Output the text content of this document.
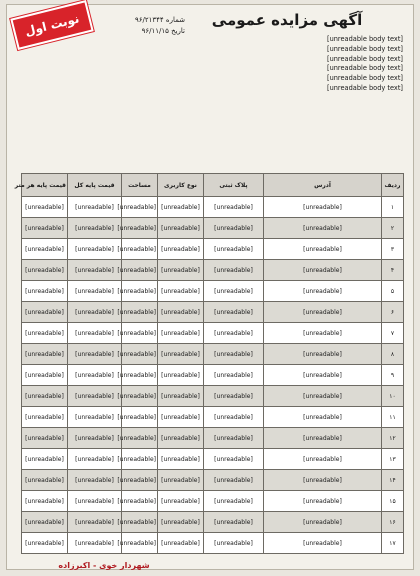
نوبت اول	شماره ۹۶/۲۱۳۴۴
تاریخ ۹۶/۱۱/۱۵
آگهی مزایده عمومی

[unreadable body text]

[unreadable body text]

[unreadable body text]

[unreadable body text]

[unreadable body text]

[unreadable body text]

ردیف	آدرس	پلاک ثبتی	نوع کاربری	مساحت	قیمت پایه کل	قیمت پایه هر متر
۱	[unreadable]	[unreadable]	[unreadable]	[unreadable]	[unreadable]	[unreadable]
۲	[unreadable]	[unreadable]	[unreadable]	[unreadable]	[unreadable]	[unreadable]
۳	[unreadable]	[unreadable]	[unreadable]	[unreadable]	[unreadable]	[unreadable]
۴	[unreadable]	[unreadable]	[unreadable]	[unreadable]	[unreadable]	[unreadable]
۵	[unreadable]	[unreadable]	[unreadable]	[unreadable]	[unreadable]	[unreadable]
۶	[unreadable]	[unreadable]	[unreadable]	[unreadable]	[unreadable]	[unreadable]
۷	[unreadable]	[unreadable]	[unreadable]	[unreadable]	[unreadable]	[unreadable]
۸	[unreadable]	[unreadable]	[unreadable]	[unreadable]	[unreadable]	[unreadable]
۹	[unreadable]	[unreadable]	[unreadable]	[unreadable]	[unreadable]	[unreadable]
۱۰	[unreadable]	[unreadable]	[unreadable]	[unreadable]	[unreadable]	[unreadable]
۱۱	[unreadable]	[unreadable]	[unreadable]	[unreadable]	[unreadable]	[unreadable]
۱۲	[unreadable]	[unreadable]	[unreadable]	[unreadable]	[unreadable]	[unreadable]
۱۳	[unreadable]	[unreadable]	[unreadable]	[unreadable]	[unreadable]	[unreadable]
۱۴	[unreadable]	[unreadable]	[unreadable]	[unreadable]	[unreadable]	[unreadable]
۱۵	[unreadable]	[unreadable]	[unreadable]	[unreadable]	[unreadable]	[unreadable]
۱۶	[unreadable]	[unreadable]	[unreadable]	[unreadable]	[unreadable]	[unreadable]
۱۷	[unreadable]	[unreadable]	[unreadable]	[unreadable]	[unreadable]	[unreadable]
شهردار خوی - اکبرزاده
